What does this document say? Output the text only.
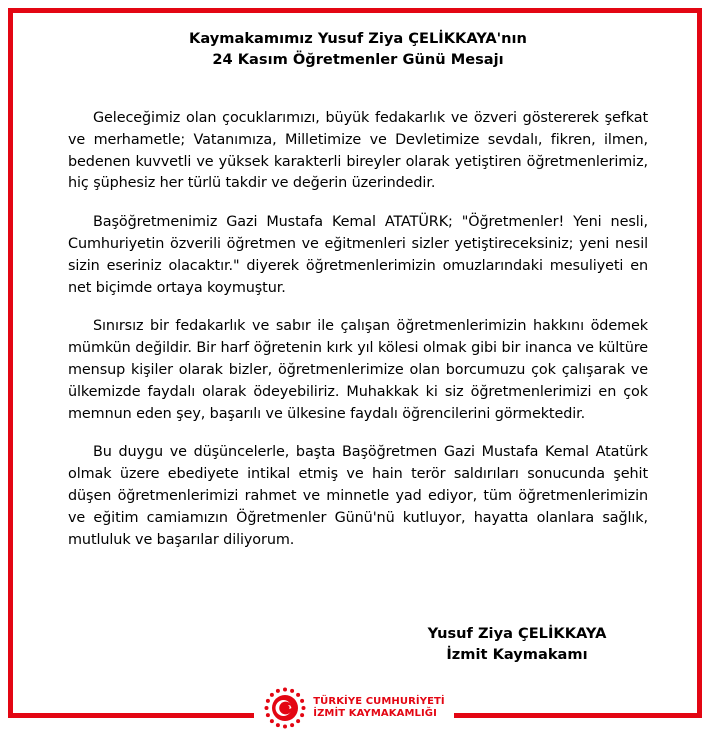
Kaymakamımız Yusuf Ziya ÇELİKKAYA'nın
24 Kasım Öğretmenler Günü Mesajı

Geleceğimiz olan çocuklarımızı, büyük fedakarlık ve özveri göstererek şefkat ve merhametle; Vatanımıza, Milletimize ve Devletimize sevdalı, fikren, ilmen, bedenen kuvvetli ve yüksek karakterli bireyler olarak yetiştiren öğretmenlerimiz, hiç şüphesiz her türlü takdir ve değerin üzerindedir.

Başöğretmenimiz Gazi Mustafa Kemal ATATÜRK; "Öğretmenler! Yeni nesli, Cumhuriyetin özverili öğretmen ve eğitmenleri sizler yetiştireceksiniz; yeni nesil sizin eseriniz olacaktır." diyerek öğretmenlerimizin omuzlarındaki mesuliyeti en net biçimde ortaya koymuştur.

Sınırsız bir fedakarlık ve sabır ile çalışan öğretmenlerimizin hakkını ödemek mümkün değildir. Bir harf öğretenin kırk yıl kölesi olmak gibi bir inanca ve kültüre mensup kişiler olarak bizler, öğretmenlerimize olan borcumuzu çok çalışarak ve ülkemizde faydalı olarak ödeyebiliriz. Muhakkak ki siz öğretmenlerimizi en çok memnun eden şey, başarılı ve ülkesine faydalı öğrencilerini görmektedir.

Bu duygu ve düşüncelerle, başta Başöğretmen Gazi Mustafa Kemal Atatürk olmak üzere ebediyete intikal etmiş ve hain terör saldırıları sonucunda şehit düşen öğretmenlerimizi rahmet ve minnetle yad ediyor, tüm öğretmenlerimizin ve eğitim camiamızın Öğretmenler Günü'nü kutluyor, hayatta olanlara sağlık, mutluluk ve başarılar diliyorum.

Yusuf Ziya ÇELİKKAYA
İzmit Kaymakamı
TÜRKİYE CUMHURİYETİ
İZMİT KAYMAKAMLIĞI
